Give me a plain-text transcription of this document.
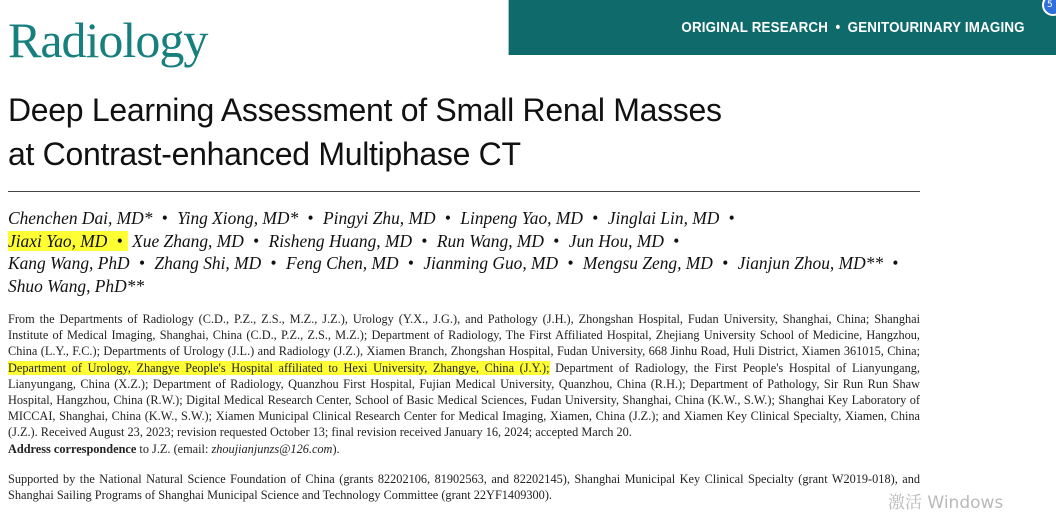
Radiology	ORIGINAL RESEARCH • GENITOURINARY IMAGING
5
Deep Learning Assessment of Small Renal Masses
at Contrast-enhanced Multiphase CT

Chenchen Dai, MD* • Ying Xiong, MD* • Pingyi Zhu, MD • Linpeng Yao, MD • Jinglai Lin, MD •
Jiaxi Yao, MD • Xue Zhang, MD • Risheng Huang, MD • Run Wang, MD • Jun Hou, MD •
Kang Wang, PhD • Zhang Shi, MD • Feng Chen, MD • Jianming Guo, MD • Mengsu Zeng, MD • Jianjun Zhou, MD** •
Shuo Wang, PhD**

From the Departments of Radiology (C.D., P.Z., Z.S., M.Z., J.Z.), Urology (Y.X., J.G.), and Pathology (J.H.), Zhongshan Hospital, Fudan University, Shanghai, China; Shanghai Institute of Medical Imaging, Shanghai, China (C.D., P.Z., Z.S., M.Z.); Department of Radiology, The First Affiliated Hospital, Zhejiang University School of Medicine, Hangzhou, China (L.Y., F.C.); Departments of Urology (J.L.) and Radiology (J.Z.), Xiamen Branch, Zhongshan Hospital, Fudan University, 668 Jinhu Road, Huli District, Xiamen 361015, China; Department of Urology, Zhangye People's Hospital affiliated to Hexi University, Zhangye, China (J.Y.); Department of Radiology, the First People's Hospital of Lianyungang, Lianyungang, China (X.Z.); Department of Radiology, Quanzhou First Hospital, Fujian Medical University, Quanzhou, China (R.H.); Department of Pathology, Sir Run Run Shaw Hospital, Hangzhou, China (R.W.); Digital Medical Research Center, School of Basic Medical Sciences, Fudan University, Shanghai, China (K.W., S.W.); Shanghai Key Laboratory of MICCAI, Shanghai, China (K.W., S.W.); Xiamen Municipal Clinical Research Center for Medical Imaging, Xiamen, China (J.Z.); and Xiamen Key Clinical Specialty, Xiamen, China (J.Z.). Received August 23, 2023; revision requested October 13; final revision received January 16, 2024; accepted March 20.
Address correspondence to J.Z. (email: zhoujianjunzs@126.com).

Supported by the National Natural Science Foundation of China (grants 82202106, 81902563, and 82202145), Shanghai Municipal Key Clinical Specialty (grant W2019-018), and Shanghai Sailing Programs of Shanghai Municipal Science and Technology Committee (grant 22YF1409300).	激活 Windows
